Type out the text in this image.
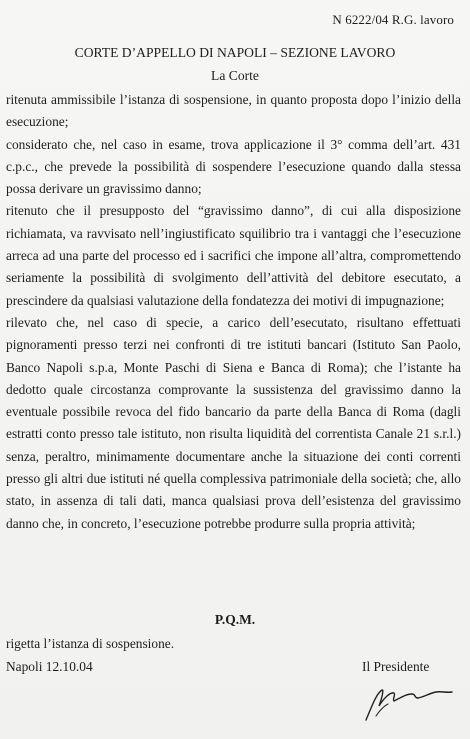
N 6222/04 R.G. lavoro
CORTE D’APPELLO DI NAPOLI – SEZIONE LAVORO
La Corte

ritenuta ammissibile l’istanza di sospensione, in quanto proposta dopo l’inizio della esecuzione;

considerato che, nel caso in esame, trova applicazione il 3° comma dell’art. 431 c.p.c., che prevede la possibilità di sospendere l’esecuzione quando dalla stessa possa derivare un gravissimo danno;

ritenuto che il presupposto del “gravissimo danno”, di cui alla disposizione richiamata, va ravvisato nell’ingiustificato squilibrio tra i vantaggi che l’esecuzione arreca ad una parte del processo ed i sacrifici che impone all’altra, compromettendo seriamente la possibilità di svolgimento dell’attività del debitore esecutato, a prescindere da qualsiasi valutazione della fondatezza dei motivi di impugnazione;

rilevato che, nel caso di specie, a carico dell’esecutato, risultano effettuati pignoramenti presso terzi nei confronti di tre istituti bancari (Istituto San Paolo, Banco Napoli s.p.a, Monte Paschi di Siena e Banca di Roma); che l’istante ha dedotto quale circostanza comprovante la sussistenza del gravissimo danno la eventuale possibile revoca del fido bancario da parte della Banca di Roma (dagli estratti conto presso tale istituto, non risulta liquidità del correntista Canale 21 s.r.l.) senza, peraltro, minimamente documentare anche la situazione dei conti correnti presso gli altri due istituti né quella complessiva patrimoniale della società; che, allo stato, in assenza di tali dati, manca qualsiasi prova dell’esistenza del gravissimo danno che, in concreto, l’esecuzione potrebbe produrre sulla propria attività;

P.Q.M.
rigetta l’istanza di sospensione.
Napoli 12.10.04	Il Presidente
